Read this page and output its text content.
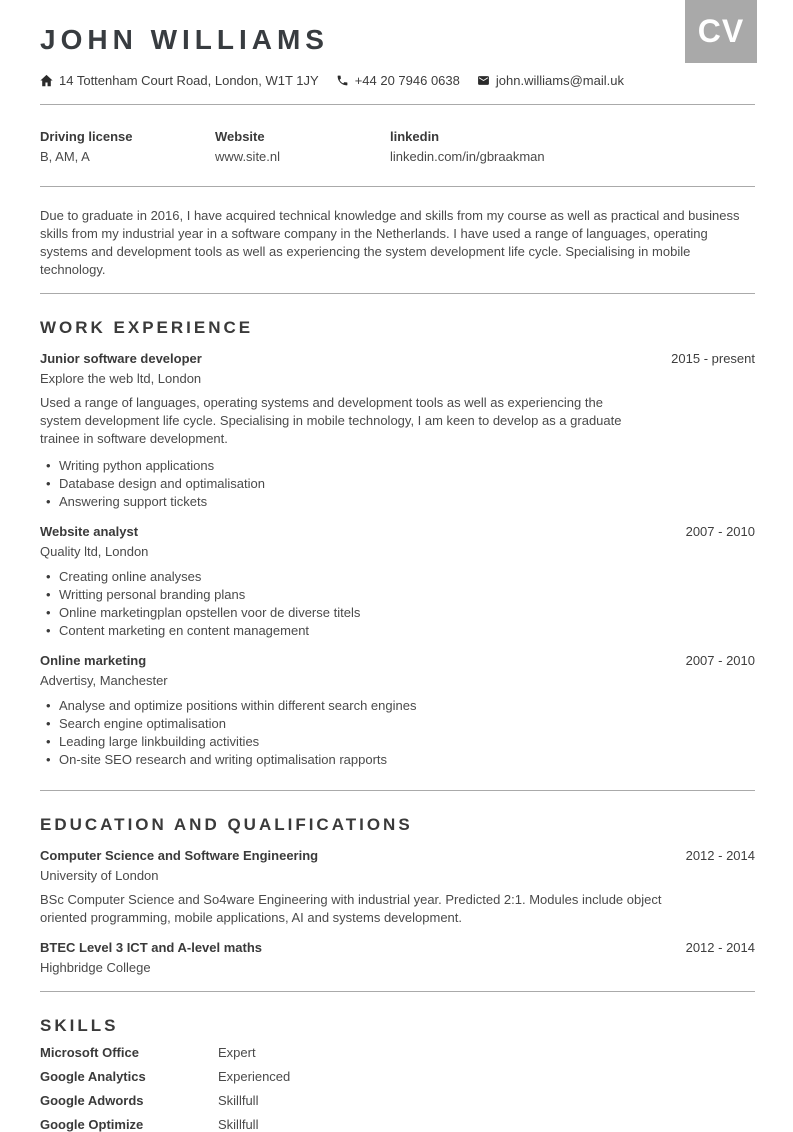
JOHN WILLIAMS	CV
14 Tottenham Court Road, London, W1T 1JY	+44 20 7946 0638	john.williams@mail.uk
Driving license
B, AM, A
Website
www.site.nl
linkedin
linkedin.com/in/gbraakman

Due to graduate in 2016, I have acquired technical knowledge and skills from my course as well as practical and business skills from my industrial year in a software company in the Netherlands. I have used a range of languages, operating systems and development tools as well as experiencing the system development life cycle. Specialising in mobile technology.

WORK EXPERIENCE
Junior software developer	2015 - present
Explore the web ltd, London

Used a range of languages, operating systems and development tools as well as experiencing the system development life cycle. Specialising in mobile technology, I am keen to develop as a graduate trainee in software development.

• Writing python applications
• Database design and optimalisation
• Answering support tickets
Website analyst	2007 - 2010
Quality ltd, London
• Creating online analyses
• Writting personal branding plans
• Online marketingplan opstellen voor de diverse titels
• Content marketing en content management
Online marketing	2007 - 2010
Advertisy, Manchester
• Analyse and optimize positions within different search engines
• Search engine optimalisation
• Leading large linkbuilding activities
• On-site SEO research and writing optimalisation rapports
EDUCATION AND QUALIFICATIONS
Computer Science and Software Engineering	2012 - 2014
University of London

BSc Computer Science and So4ware Engineering with industrial year. Predicted 2:1. Modules include object oriented programming, mobile applications, AI and systems development.

BTEC Level 3 ICT and A-level maths	2012 - 2014
Highbridge College
SKILLS
Microsoft Office	Expert
Google Analytics	Experienced
Google Adwords	Skillfull
Google Optimize	Skillfull
